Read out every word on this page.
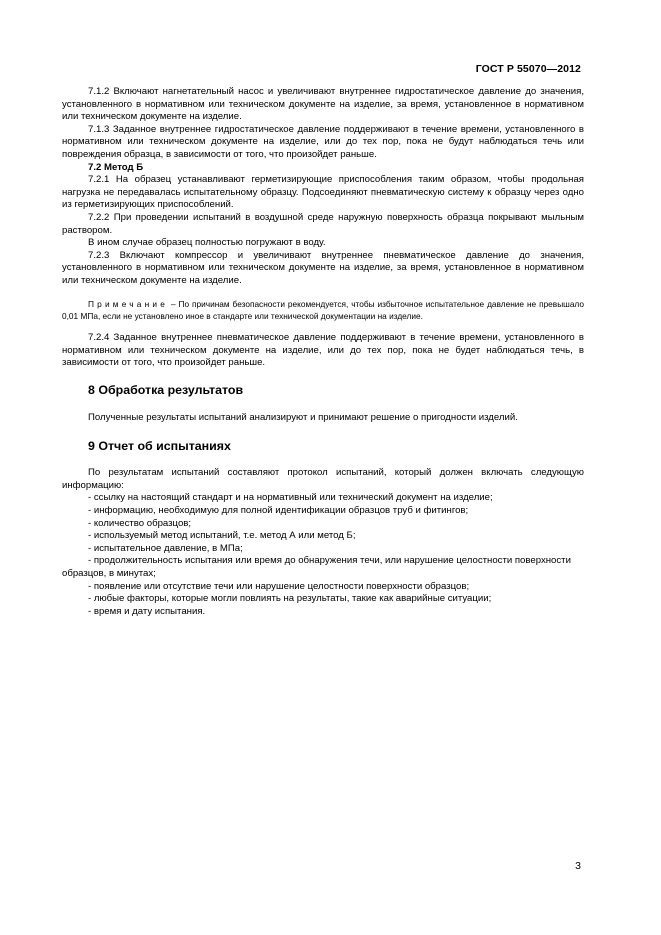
ГОСТ Р 55070—2012

7.1.2 Включают нагнетательный насос и увеличивают внутреннее гидростатическое давление до значения, установленного в нормативном или техническом документе на изделие, за время, установленное в нормативном или техническом документе на изделие.

7.1.3 Заданное внутреннее гидростатическое давление поддерживают в течение времени, установленного в нормативном или техническом документе на изделие, или до тех пор, пока не будут наблюдаться течь или повреждения образца, в зависимости от того, что произойдет раньше.

7.2 Метод Б

7.2.1 На образец устанавливают герметизирующие приспособления таким образом, чтобы продольная нагрузка не передавалась испытательному образцу. Подсоединяют пневматическую систему к образцу через одно из герметизирующих приспособлений.

7.2.2 При проведении испытаний в воздушной среде наружную поверхность образца покрывают мыльным раствором.

В ином случае образец полностью погружают в воду.

7.2.3 Включают компрессор и увеличивают внутреннее пневматическое давление до значения, установленного в нормативном или техническом документе на изделие, за время, установленное в нормативном или техническом документе на изделие.

Примечание – По причинам безопасности рекомендуется, чтобы избыточное испытательное давление не превышало 0,01 МПа, если не установлено иное в стандарте или технической документации на изделие.

7.2.4 Заданное внутреннее пневматическое давление поддерживают в течение времени, установленного в нормативном или техническом документе на изделие, или до тех пор, пока не будет наблюдаться течь, в зависимости от того, что произойдет раньше.

8 Обработка результатов

Полученные результаты испытаний анализируют и принимают решение о пригодности изделий.

9 Отчет об испытаниях

По результатам испытаний составляют протокол испытаний, который должен включать следующую информацию:

- ссылку на настоящий стандарт и на нормативный или технический документ на изделие;

- информацию, необходимую для полной идентификации образцов труб и фитингов;

- количество образцов;

- используемый метод испытаний, т.е. метод А или метод Б;

- испытательное давление, в МПа;

- продолжительность испытания или время до обнаружения течи, или нарушение целостности поверхности образцов, в минутах;

- появление или отсутствие течи или нарушение целостности поверхности образцов;

- любые факторы, которые могли повлиять на результаты, такие как аварийные ситуации;

- время и дату испытания.

3
